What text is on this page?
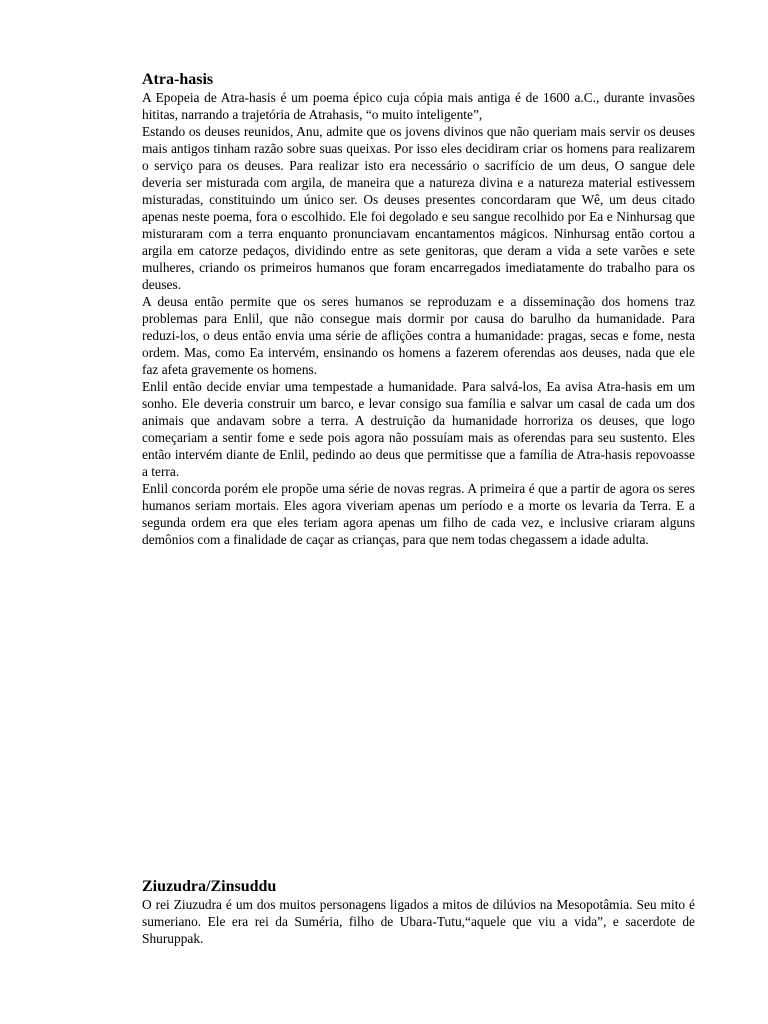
Atra-hasis

A Epopeia de Atra-hasis é um poema épico cuja cópia mais antiga é de 1600 a.C., durante invasões hititas, narrando a trajetória de Atrahasis, “o muito inteligente”,

Estando os deuses reunidos, Anu, admite que os jovens divinos que não queriam mais servir os deuses mais antigos tinham razão sobre suas queixas. Por isso eles decidiram criar os homens para realizarem o serviço para os deuses. Para realizar isto era necessário o sacrifício de um deus, O sangue dele deveria ser misturada com argila, de maneira que a natureza divina e a natureza material estivessem misturadas, constituindo um único ser. Os deuses presentes concordaram que Wê, um deus citado apenas neste poema, fora o escolhido. Ele foi degolado e seu sangue recolhido por Ea e Ninhursag que misturaram com a terra enquanto pronunciavam encantamentos mágicos. Ninhursag então cortou a argila em catorze pedaços, dividindo entre as sete genitoras, que deram a vida a sete varões e sete mulheres, criando os primeiros humanos que foram encarregados imediatamente do trabalho para os deuses.

A deusa então permite que os seres humanos se reproduzam e a disseminação dos homens traz problemas para Enlil, que não consegue mais dormir por causa do barulho da humanidade. Para reduzi-los, o deus então envia uma série de aflições contra a humanidade: pragas, secas e fome, nesta ordem. Mas, como Ea intervém, ensinando os homens a fazerem oferendas aos deuses, nada que ele faz afeta gravemente os homens.

Enlil então decide enviar uma tempestade a humanidade. Para salvá-los, Ea avisa Atra-hasis em um sonho. Ele deveria construir um barco, e levar consigo sua família e salvar um casal de cada um dos animais que andavam sobre a terra. A destruição da humanidade horroriza os deuses, que logo começariam a sentir fome e sede pois agora não possuíam mais as oferendas para seu sustento. Eles então intervém diante de Enlil, pedindo ao deus que permitisse que a família de Atra-hasis repovoasse a terra.

Enlil concorda porém ele propõe uma série de novas regras. A primeira é que a partir de agora os seres humanos seriam mortais. Eles agora viveriam apenas um período e a morte os levaria da Terra. E a segunda ordem era que eles teriam agora apenas um filho de cada vez, e inclusive criaram alguns demônios com a finalidade de caçar as crianças, para que nem todas chegassem a idade adulta.

Ziuzudra/Zinsuddu

O rei Ziuzudra é um dos muitos personagens ligados a mitos de dilúvios na Mesopotâmia. Seu mito é sumeriano. Ele era rei da Suméria, filho de Ubara-Tutu,“aquele que viu a vida”, e sacerdote de Shuruppak.
